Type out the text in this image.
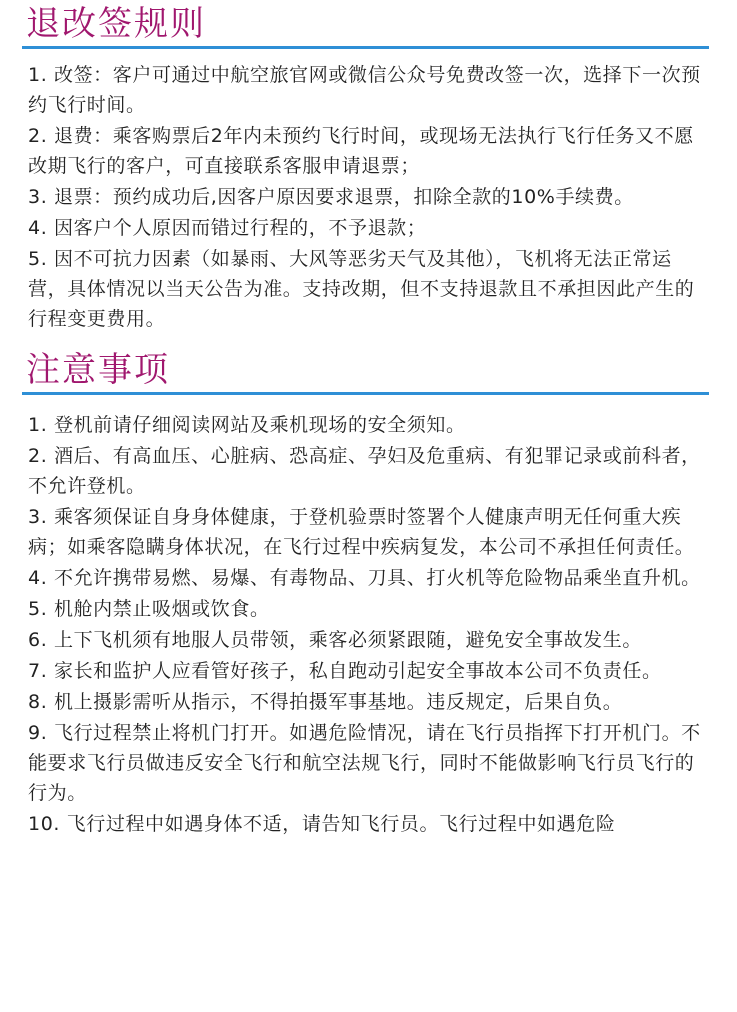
退改签规则
1. 改签：客户可通过中航空旅官网或微信公众号免费改签一次，选择下一次预约飞行时间。
2. 退费：乘客购票后2年内未预约飞行时间，或现场无法执行飞行任务又不愿改期飞行的客户，可直接联系客服申请退票；
3. 退票：预约成功后,因客户原因要求退票，扣除全款的10%手续费。
4. 因客户个人原因而错过行程的，不予退款；
5. 因不可抗力因素（如暴雨、大风等恶劣天气及其他），飞机将无法正常运营，具体情况以当天公告为准。支持改期，但不支持退款且不承担因此产生的行程变更费用。
注意事项
1. 登机前请仔细阅读网站及乘机现场的安全须知。
2. 酒后、有高血压、心脏病、恐高症、孕妇及危重病、有犯罪记录或前科者，不允许登机。
3. 乘客须保证自身身体健康，于登机验票时签署个人健康声明无任何重大疾病；如乘客隐瞒身体状况，在飞行过程中疾病复发，本公司不承担任何责任。
4. 不允许携带易燃、易爆、有毒物品、刀具、打火机等危险物品乘坐直升机。
5. 机舱内禁止吸烟或饮食。
6. 上下飞机须有地服人员带领，乘客必须紧跟随，避免安全事故发生。
7. 家长和监护人应看管好孩子，私自跑动引起安全事故本公司不负责任。
8. 机上摄影需听从指示，不得拍摄军事基地。违反规定，后果自负。
9. 飞行过程禁止将机门打开。如遇危险情况，请在飞行员指挥下打开机门。不能要求飞行员做违反安全飞行和航空法规飞行，同时不能做影响飞行员飞行的行为。
10. 飞行过程中如遇身体不适，请告知飞行员。飞行过程中如遇危险
